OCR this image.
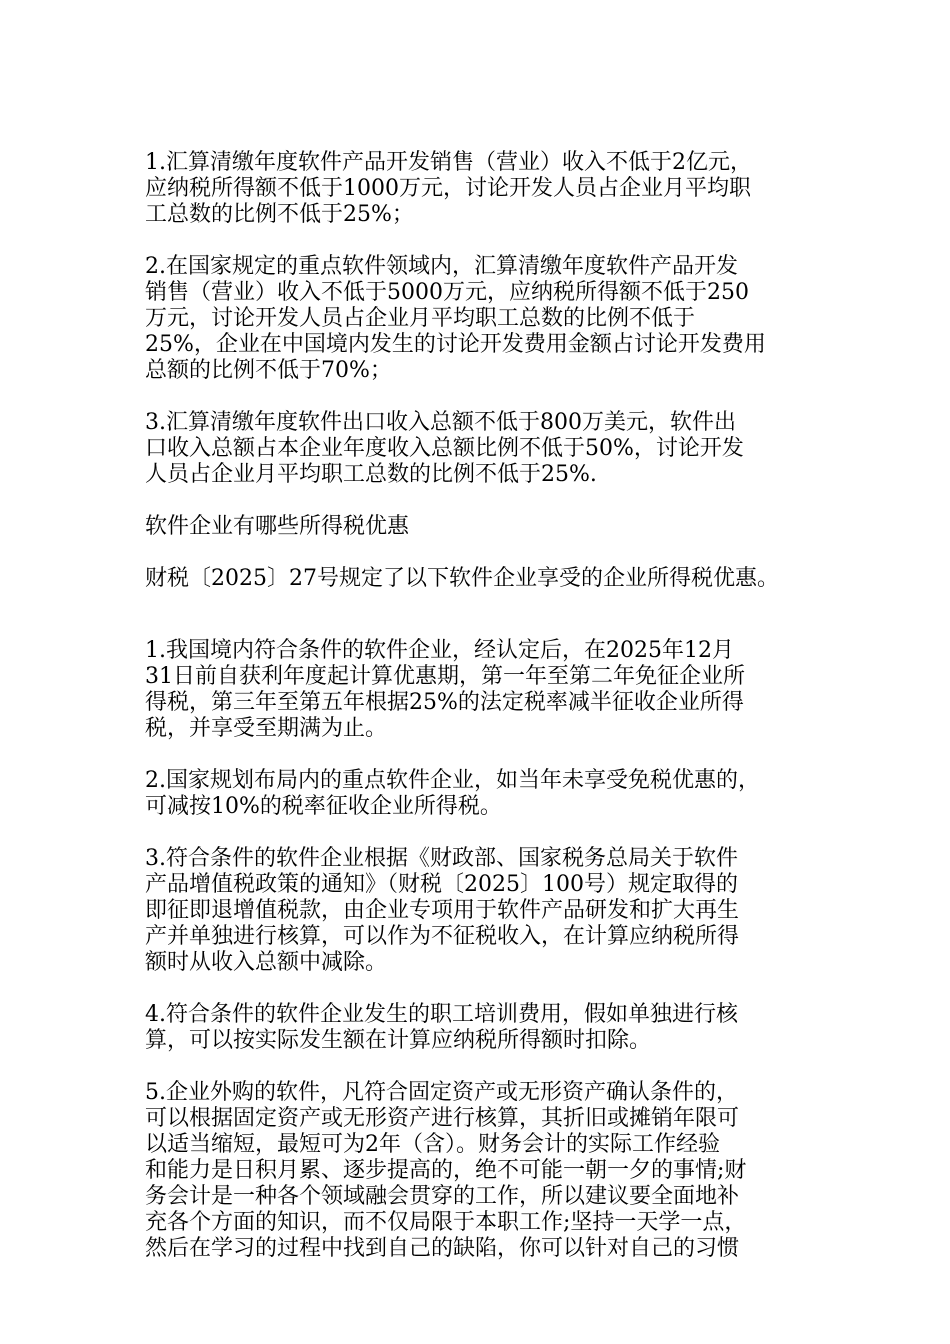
1.汇算清缴年度软件产品开发销售（营业）收入不低于2亿元，
应纳税所得额不低于1000万元，讨论开发人员占企业月平均职
工总数的比例不低于25%；

2.在国家规定的重点软件领域内，汇算清缴年度软件产品开发
销售（营业）收入不低于5000万元，应纳税所得额不低于250
万元，讨论开发人员占企业月平均职工总数的比例不低于
25%，企业在中国境内发生的讨论开发费用金额占讨论开发费用
总额的比例不低于70%；

3.汇算清缴年度软件出口收入总额不低于800万美元，软件出
口收入总额占本企业年度收入总额比例不低于50%，讨论开发
人员占企业月平均职工总数的比例不低于25%.

软件企业有哪些所得税优惠

财税〔2025〕27号规定了以下软件企业享受的企业所得税优惠。

1.我国境内符合条件的软件企业，经认定后，在2025年12月
31日前自获利年度起计算优惠期，第一年至第二年免征企业所
得税，第三年至第五年根据25%的法定税率减半征收企业所得
税，并享受至期满为止。

2.国家规划布局内的重点软件企业，如当年未享受免税优惠的，
可减按10%的税率征收企业所得税。

3.符合条件的软件企业根据《财政部、国家税务总局关于软件
产品增值税政策的通知》（财税〔2025〕100号）规定取得的
即征即退增值税款，由企业专项用于软件产品研发和扩大再生
产并单独进行核算，可以作为不征税收入，在计算应纳税所得
额时从收入总额中减除。

4.符合条件的软件企业发生的职工培训费用，假如单独进行核
算，可以按实际发生额在计算应纳税所得额时扣除。

5.企业外购的软件，凡符合固定资产或无形资产确认条件的，
可以根据固定资产或无形资产进行核算，其折旧或摊销年限可
以适当缩短，最短可为2年（含）。财务会计的实际工作经验
和能力是日积月累、逐步提高的，绝不可能一朝一夕的事情;财
务会计是一种各个领域融会贯穿的工作，所以建议要全面地补
充各个方面的知识，而不仅局限于本职工作;坚持一天学一点，
然后在学习的过程中找到自己的缺陷，你可以针对自己的习惯
